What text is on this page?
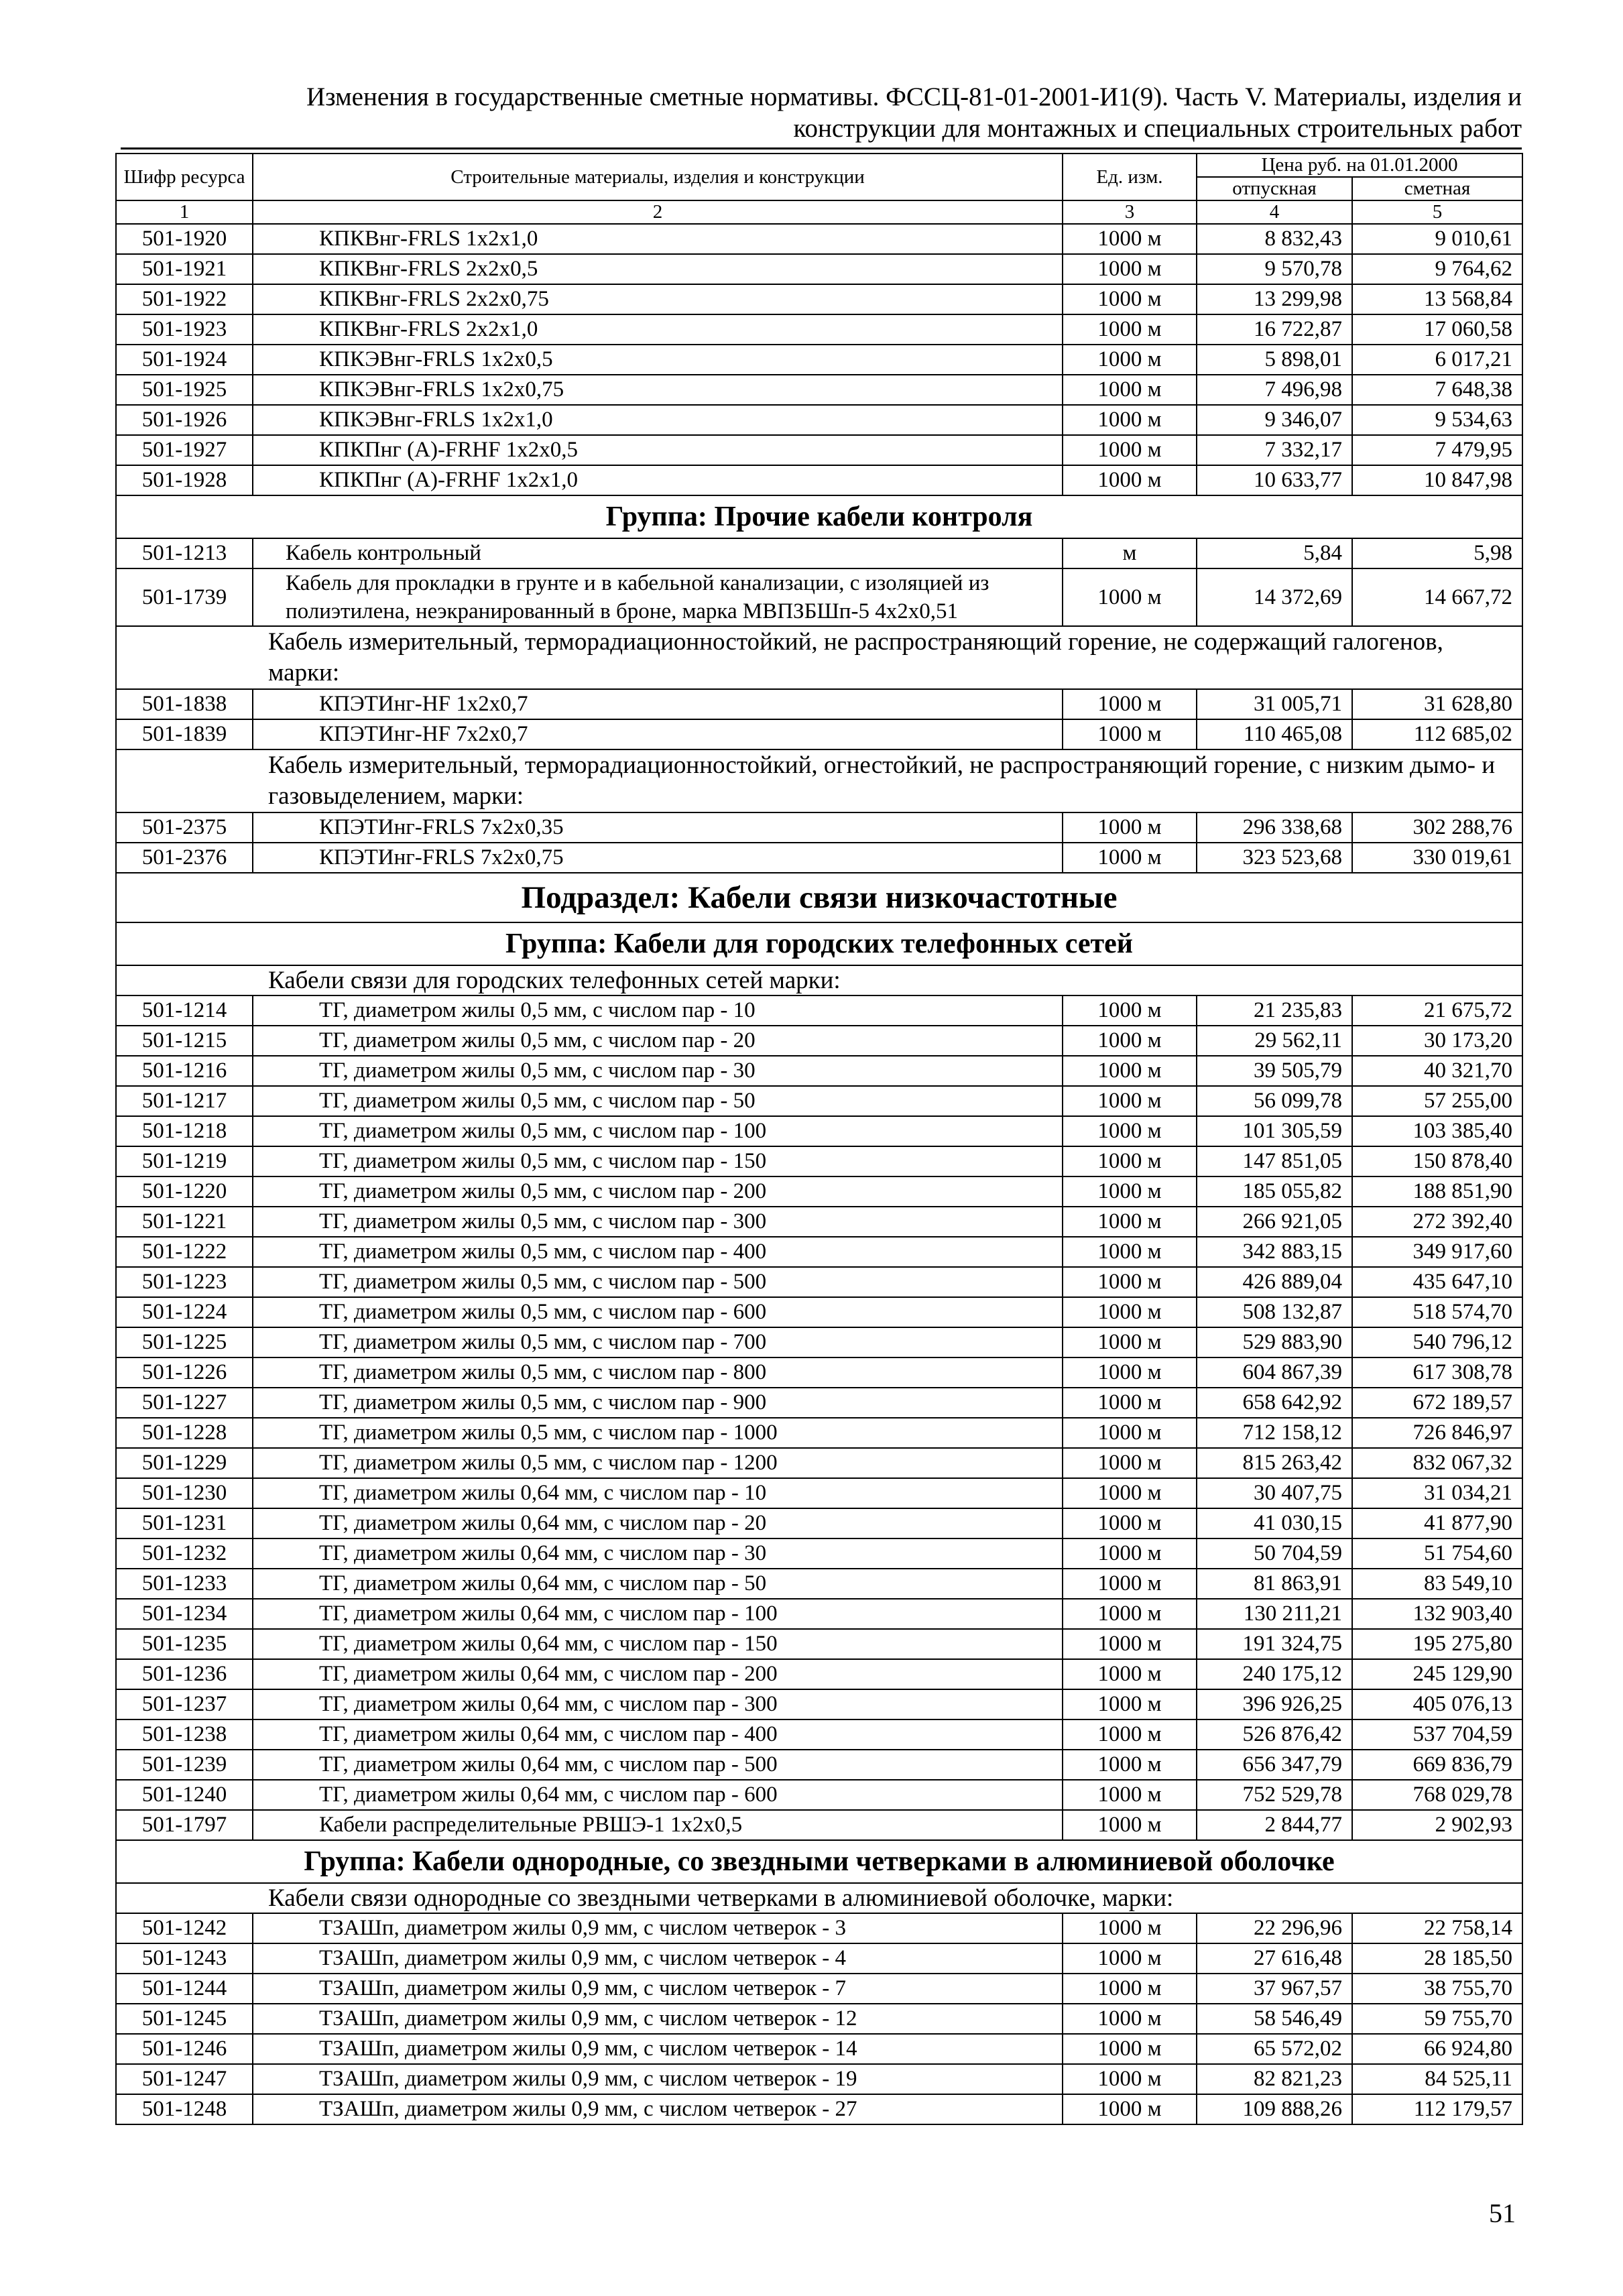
Изменения в государственные сметные нормативы. ФССЦ-81-01-2001-И1(9). Часть V. Материалы, изделия и
конструкции для монтажных и специальных строительных работ
Шифр ресурса	Строительные материалы, изделия и конструкции	Ед. изм.	Цена руб. на 01.01.2000	
			отпускная	сметная
1	2	3	4	5
501-1920	КПКВнг-FRLS 1x2x1,0	1000 м	8 832,43	9 010,61
501-1921	КПКВнг-FRLS 2x2x0,5	1000 м	9 570,78	9 764,62
501-1922	КПКВнг-FRLS 2x2x0,75	1000 м	13 299,98	13 568,84
501-1923	КПКВнг-FRLS 2x2x1,0	1000 м	16 722,87	17 060,58
501-1924	КПКЭВнг-FRLS 1x2x0,5	1000 м	5 898,01	6 017,21
501-1925	КПКЭВнг-FRLS 1x2x0,75	1000 м	7 496,98	7 648,38
501-1926	КПКЭВнг-FRLS 1x2x1,0	1000 м	9 346,07	9 534,63
501-1927	КПКПнг (А)-FRHF 1x2x0,5	1000 м	7 332,17	7 479,95
501-1928	КПКПнг (А)-FRHF 1x2x1,0	1000 м	10 633,77	10 847,98
Группа: Прочие кабели контроля				
501-1213	Кабель контрольный	м	5,84	5,98
501-1739	Кабель для прокладки в грунте и в кабельной канализации, с изоляцией из полиэтилена, неэкранированный в броне, марка МВПЗБШп-5 4x2x0,51	1000 м	14 372,69	14 667,72
Кабель измерительный, терморадиационностойкий, не распространяющий горение, не содержащий галогенов, марки:				
501-1838	КПЭТИнг-HF 1x2x0,7	1000 м	31 005,71	31 628,80
501-1839	КПЭТИнг-HF 7x2x0,7	1000 м	110 465,08	112 685,02
Кабель измерительный, терморадиационностойкий, огнестойкий, не распространяющий горение, с низким дымо- и газовыделением, марки:				
501-2375	КПЭТИнг-FRLS 7x2x0,35	1000 м	296 338,68	302 288,76
501-2376	КПЭТИнг-FRLS 7x2x0,75	1000 м	323 523,68	330 019,61
Подраздел: Кабели связи низкочастотные				
Группа: Кабели для городских телефонных сетей				
Кабели связи для городских телефонных сетей марки:				
501-1214	ТГ, диаметром жилы 0,5 мм, с числом пар - 10	1000 м	21 235,83	21 675,72
501-1215	ТГ, диаметром жилы 0,5 мм, с числом пар - 20	1000 м	29 562,11	30 173,20
501-1216	ТГ, диаметром жилы 0,5 мм, с числом пар - 30	1000 м	39 505,79	40 321,70
501-1217	ТГ, диаметром жилы 0,5 мм, с числом пар - 50	1000 м	56 099,78	57 255,00
501-1218	ТГ, диаметром жилы 0,5 мм, с числом пар - 100	1000 м	101 305,59	103 385,40
501-1219	ТГ, диаметром жилы 0,5 мм, с числом пар - 150	1000 м	147 851,05	150 878,40
501-1220	ТГ, диаметром жилы 0,5 мм, с числом пар - 200	1000 м	185 055,82	188 851,90
501-1221	ТГ, диаметром жилы 0,5 мм, с числом пар - 300	1000 м	266 921,05	272 392,40
501-1222	ТГ, диаметром жилы 0,5 мм, с числом пар - 400	1000 м	342 883,15	349 917,60
501-1223	ТГ, диаметром жилы 0,5 мм, с числом пар - 500	1000 м	426 889,04	435 647,10
501-1224	ТГ, диаметром жилы 0,5 мм, с числом пар - 600	1000 м	508 132,87	518 574,70
501-1225	ТГ, диаметром жилы 0,5 мм, с числом пар - 700	1000 м	529 883,90	540 796,12
501-1226	ТГ, диаметром жилы 0,5 мм, с числом пар - 800	1000 м	604 867,39	617 308,78
501-1227	ТГ, диаметром жилы 0,5 мм, с числом пар - 900	1000 м	658 642,92	672 189,57
501-1228	ТГ, диаметром жилы 0,5 мм, с числом пар - 1000	1000 м	712 158,12	726 846,97
501-1229	ТГ, диаметром жилы 0,5 мм, с числом пар - 1200	1000 м	815 263,42	832 067,32
501-1230	ТГ, диаметром жилы 0,64 мм, с числом пар - 10	1000 м	30 407,75	31 034,21
501-1231	ТГ, диаметром жилы 0,64 мм, с числом пар - 20	1000 м	41 030,15	41 877,90
501-1232	ТГ, диаметром жилы 0,64 мм, с числом пар - 30	1000 м	50 704,59	51 754,60
501-1233	ТГ, диаметром жилы 0,64 мм, с числом пар - 50	1000 м	81 863,91	83 549,10
501-1234	ТГ, диаметром жилы 0,64 мм, с числом пар - 100	1000 м	130 211,21	132 903,40
501-1235	ТГ, диаметром жилы 0,64 мм, с числом пар - 150	1000 м	191 324,75	195 275,80
501-1236	ТГ, диаметром жилы 0,64 мм, с числом пар - 200	1000 м	240 175,12	245 129,90
501-1237	ТГ, диаметром жилы 0,64 мм, с числом пар - 300	1000 м	396 926,25	405 076,13
501-1238	ТГ, диаметром жилы 0,64 мм, с числом пар - 400	1000 м	526 876,42	537 704,59
501-1239	ТГ, диаметром жилы 0,64 мм, с числом пар - 500	1000 м	656 347,79	669 836,79
501-1240	ТГ, диаметром жилы 0,64 мм, с числом пар - 600	1000 м	752 529,78	768 029,78
501-1797	Кабели распределительные РВШЭ-1 1x2x0,5	1000 м	2 844,77	2 902,93
Группа: Кабели однородные, со звездными четверками в алюминиевой оболочке				
Кабели связи однородные со звездными четверками в алюминиевой оболочке, марки:				
501-1242	ТЗАШп, диаметром жилы 0,9 мм, с числом четверок - 3	1000 м	22 296,96	22 758,14
501-1243	ТЗАШп, диаметром жилы 0,9 мм, с числом четверок - 4	1000 м	27 616,48	28 185,50
501-1244	ТЗАШп, диаметром жилы 0,9 мм, с числом четверок - 7	1000 м	37 967,57	38 755,70
501-1245	ТЗАШп, диаметром жилы 0,9 мм, с числом четверок - 12	1000 м	58 546,49	59 755,70
501-1246	ТЗАШп, диаметром жилы 0,9 мм, с числом четверок - 14	1000 м	65 572,02	66 924,80
501-1247	ТЗАШп, диаметром жилы 0,9 мм, с числом четверок - 19	1000 м	82 821,23	84 525,11
501-1248	ТЗАШп, диаметром жилы 0,9 мм, с числом четверок - 27	1000 м	109 888,26	112 179,57
51
